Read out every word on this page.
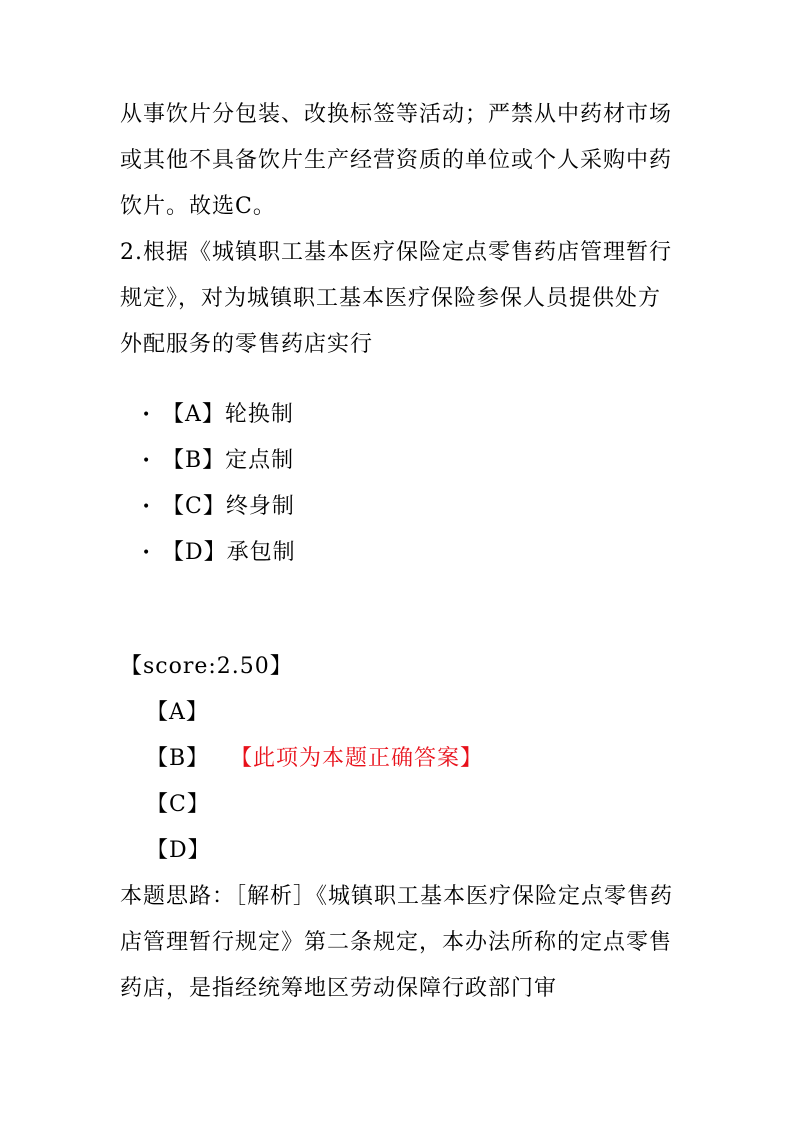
从事饮片分包装、改换标签等活动；严禁从中药材市场或其他不具备饮片生产经营资质的单位或个人采购中药饮片。故选C。
2.根据《城镇职工基本医疗保险定点零售药店管理暂行规定》，对为城镇职工基本医疗保险参保人员提供处方外配服务的零售药店实行
• 【A】轮换制
• 【B】定点制
• 【C】终身制
• 【D】承包制
【score:2.50】
【A】
【B】 【此项为本题正确答案】
【C】
【D】
本题思路：［解析］《城镇职工基本医疗保险定点零售药店管理暂行规定》第二条规定，本办法所称的定点零售药店，是指经统筹地区劳动保障行政部门审
